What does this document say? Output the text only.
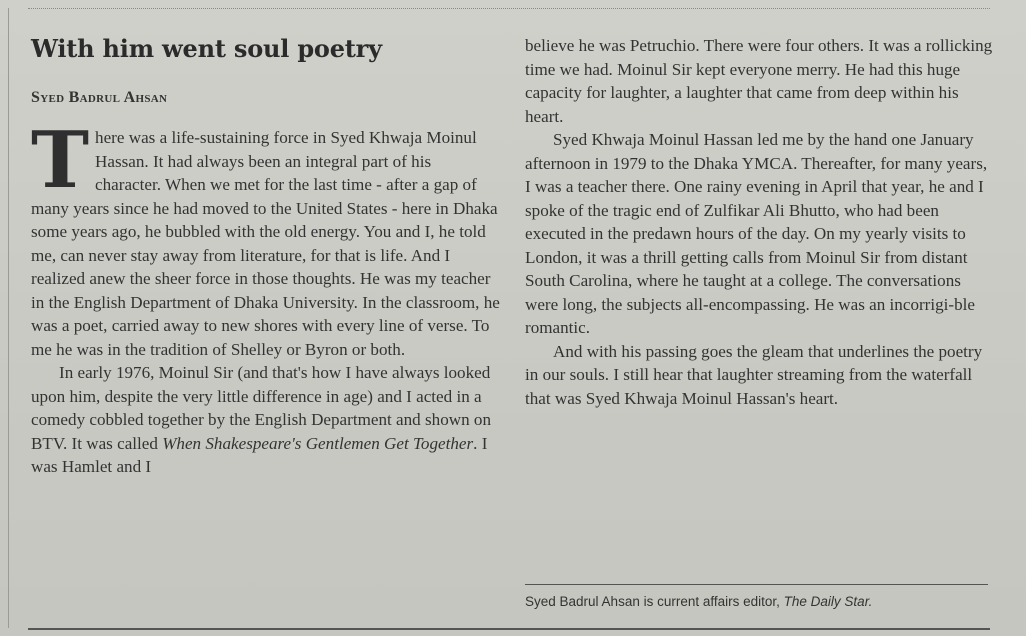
With him went soul poetry
Syed Badrul Ahsan

There was a life-sustaining force in Syed Khwaja Moinul Hassan. It had always been an integral part of his character. When we met for the last time - after a gap of many years since he had moved to the United States - here in Dhaka some years ago, he bubbled with the old energy. You and I, he told me, can never stay away from literature, for that is life. And I realized anew the sheer force in those thoughts. He was my teacher in the English Department of Dhaka University. In the classroom, he was a poet, carried away to new shores with every line of verse. To me he was in the tradition of Shelley or Byron or both.

In early 1976, Moinul Sir (and that's how I have always looked upon him, despite the very little difference in age) and I acted in a comedy cobbled together by the English Department and shown on BTV. It was called When Shakespeare's Gentlemen Get Together. I was Hamlet and I

believe he was Petruchio. There were four others. It was a rollicking time we had. Moinul Sir kept everyone merry. He had this huge capacity for laughter, a laughter that came from deep within his heart.

Syed Khwaja Moinul Hassan led me by the hand one January afternoon in 1979 to the Dhaka YMCA. Thereafter, for many years, I was a teacher there. One rainy evening in April that year, he and I spoke of the tragic end of Zulfikar Ali Bhutto, who had been executed in the predawn hours of the day. On my yearly visits to London, it was a thrill getting calls from Moinul Sir from distant South Carolina, where he taught at a college. The conversations were long, the subjects all-encompassing. He was an incorrigi-ble romantic.

And with his passing goes the gleam that underlines the poetry in our souls. I still hear that laughter streaming from the waterfall that was Syed Khwaja Moinul Hassan's heart.

Syed Badrul Ahsan is current affairs editor, The Daily Star.
